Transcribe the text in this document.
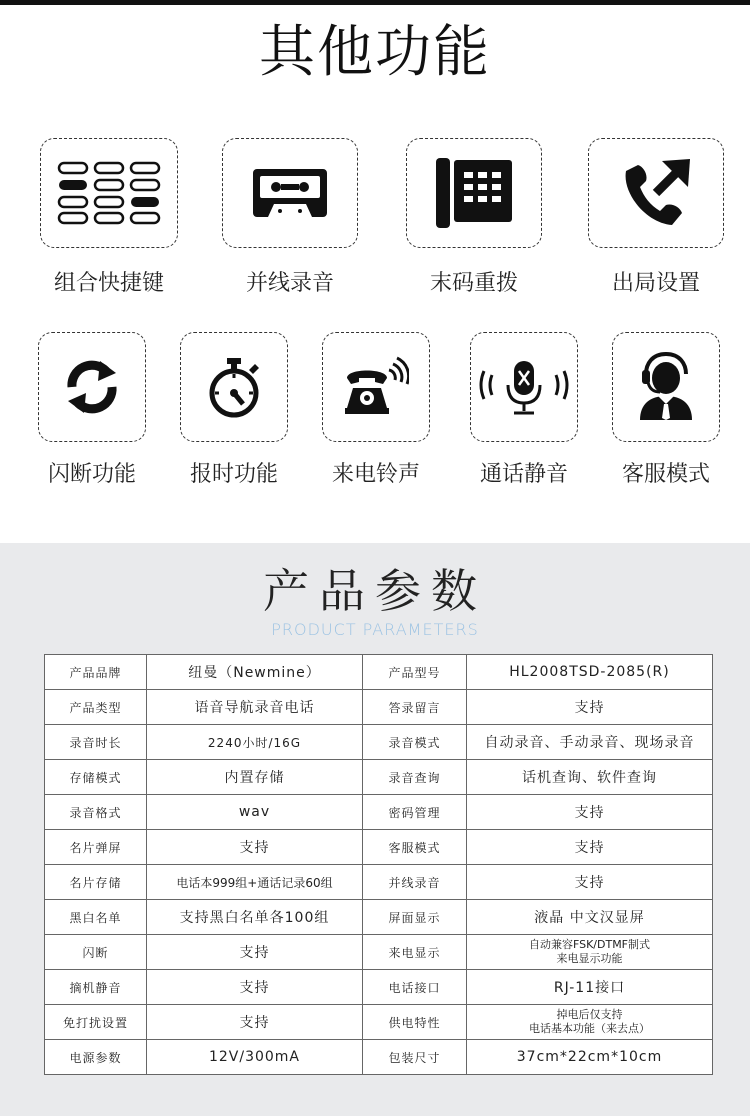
其他功能
组合快捷键	并线录音	末码重拨	出局设置
闪断功能	报时功能	来电铃声	通话静音	客服模式
产品参数
PRODUCT PARAMETERS
产品品牌	纽曼（Newmine）	产品型号	HL2008TSD-2085(R)
产品类型	语音导航录音电话	答录留言	支持
录音时长	2240小时/16G	录音模式	自动录音、手动录音、现场录音
存储模式	内置存储	录音查询	话机查询、软件查询
录音格式	wav	密码管理	支持
名片弹屏	支持	客服模式	支持
名片存储	电话本999组+通话记录60组	并线录音	支持
黑白名单	支持黑白名单各100组	屏面显示	液晶 中文汉显屏
闪断	支持	来电显示	自动兼容FSK/DTMF制式
来电显示功能

摘机静音	支持	电话接口	RJ-11接口
免打扰设置	支持	供电特性	掉电后仅支持
电话基本功能（来去点）

电源参数	12V/300mA	包装尺寸	37cm*22cm*10cm
